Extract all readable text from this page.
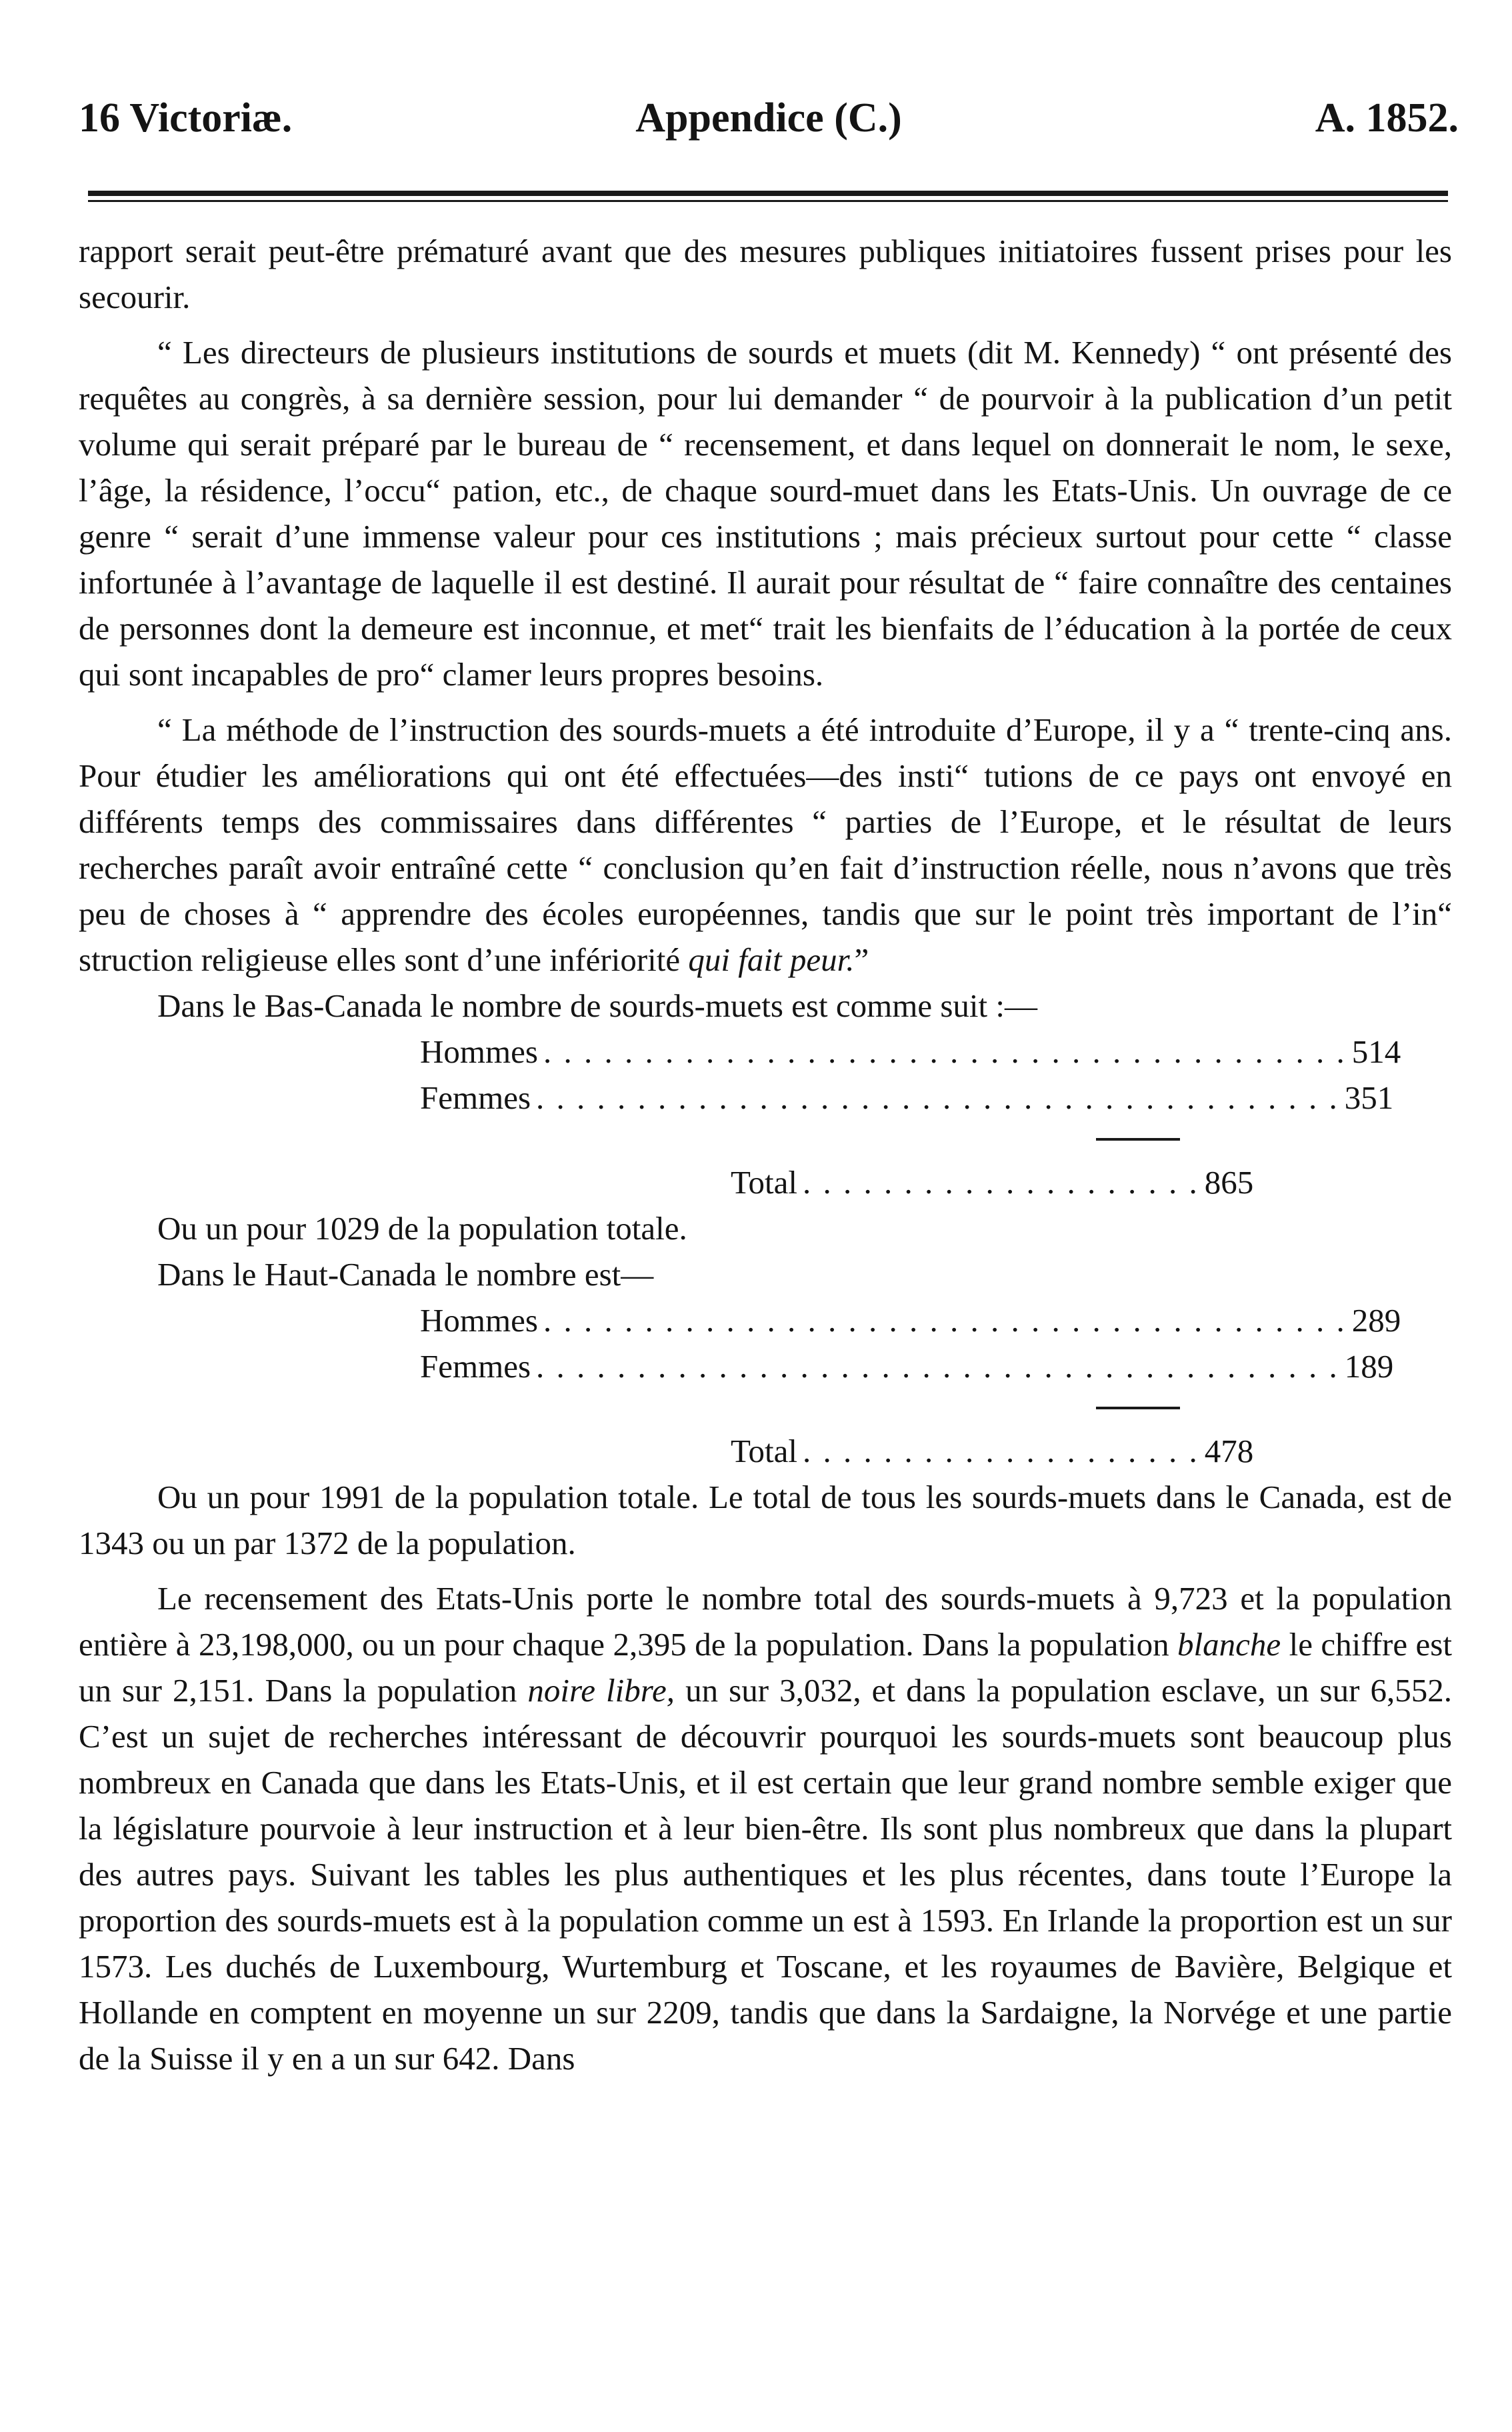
16 Victoriæ.	Appendice (C.)	A. 1852.

rapport serait peut-être prématuré avant que des mesures publiques initiatoires fussent prises pour les secourir.

“ Les directeurs de plusieurs institutions de sourds et muets (dit M. Kennedy) “ ont présenté des requêtes au congrès, à sa dernière session, pour lui demander “ de pourvoir à la publication d’un petit volume qui serait préparé par le bureau de “ recensement, et dans lequel on donnerait le nom, le sexe, l’âge, la résidence, l’occu“ pation, etc., de chaque sourd-muet dans les Etats-Unis. Un ouvrage de ce genre “ serait d’une immense valeur pour ces institutions ; mais précieux surtout pour cette “ classe infortunée à l’avantage de laquelle il est destiné. Il aurait pour résultat de “ faire connaître des centaines de personnes dont la demeure est inconnue, et met“ trait les bienfaits de l’éducation à la portée de ceux qui sont incapables de pro“ clamer leurs propres besoins.

“ La méthode de l’instruction des sourds-muets a été introduite d’Europe, il y a “ trente-cinq ans. Pour étudier les améliorations qui ont été effectuées—des insti“ tutions de ce pays ont envoyé en différents temps des commissaires dans différentes “ parties de l’Europe, et le résultat de leurs recherches paraît avoir entraîné cette “ conclusion qu’en fait d’instruction réelle, nous n’avons que très peu de choses à “ apprendre des écoles européennes, tandis que sur le point très important de l’in“ struction religieuse elles sont d’une infériorité qui fait peur.”

Dans le Bas-Canada le nombre de sourds-muets est comme suit :—

Hommes . . . . . . . . . . . . . . . . . . . . . . . . . . . . . . . . . . . . . . . . 514
Femmes . . . . . . . . . . . . . . . . . . . . . . . . . . . . . . . . . . . . . . . . 351
Total . . . . . . . . . . . . . . . . . . . . 865

Ou un pour 1029 de la population totale.

Dans le Haut-Canada le nombre est—

Hommes . . . . . . . . . . . . . . . . . . . . . . . . . . . . . . . . . . . . . . . . 289
Femmes . . . . . . . . . . . . . . . . . . . . . . . . . . . . . . . . . . . . . . . . 189
Total . . . . . . . . . . . . . . . . . . . . 478

Ou un pour 1991 de la population totale. Le total de tous les sourds-muets dans le Canada, est de 1343 ou un par 1372 de la population.

Le recensement des Etats-Unis porte le nombre total des sourds-muets à 9,723 et la population entière à 23,198,000, ou un pour chaque 2,395 de la population. Dans la population blanche le chiffre est un sur 2,151. Dans la population noire libre, un sur 3,032, et dans la population esclave, un sur 6,552. C’est un sujet de recherches intéressant de découvrir pourquoi les sourds-muets sont beaucoup plus nombreux en Canada que dans les Etats-Unis, et il est certain que leur grand nombre semble exiger que la législature pourvoie à leur instruction et à leur bien-être. Ils sont plus nombreux que dans la plupart des autres pays. Suivant les tables les plus authentiques et les plus récentes, dans toute l’Europe la proportion des sourds-muets est à la population comme un est à 1593. En Irlande la proportion est un sur 1573. Les duchés de Luxembourg, Wurtemburg et Toscane, et les royaumes de Bavière, Belgique et Hollande en comptent en moyenne un sur 2209, tandis que dans la Sardaigne, la Norvége et une partie de la Suisse il y en a un sur 642. Dans
